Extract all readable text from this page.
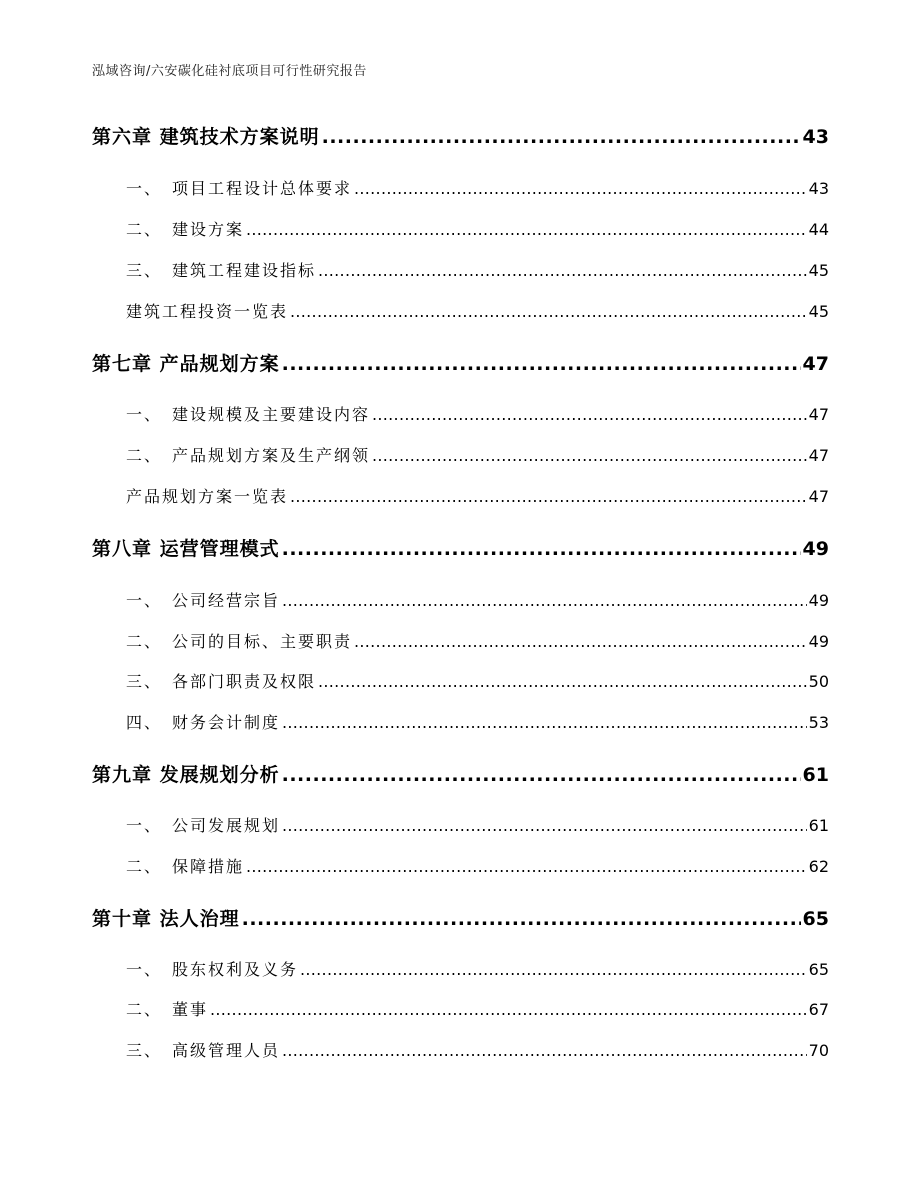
泓域咨询/六安碳化硅衬底项目可行性研究报告
第六章 建筑技术方案说明 .....	43
一、 项目工程设计总体要求 .....	43
二、 建设方案 .....	44
三、 建筑工程建设指标 .....	45
建筑工程投资一览表 .....	45
第七章 产品规划方案 .....	47
一、 建设规模及主要建设内容 .....	47
二、 产品规划方案及生产纲领 .....	47
产品规划方案一览表 .....	47
第八章 运营管理模式 .....	49
一、 公司经营宗旨 .....	49
二、 公司的目标、主要职责 .....	49
三、 各部门职责及权限 .....	50
四、 财务会计制度 .....	53
第九章 发展规划分析 .....	61
一、 公司发展规划 .....	61
二、 保障措施 .....	62
第十章 法人治理 .....	65
一、 股东权利及义务 .....	65
二、 董事 .....	67
三、 高级管理人员 .....	70
